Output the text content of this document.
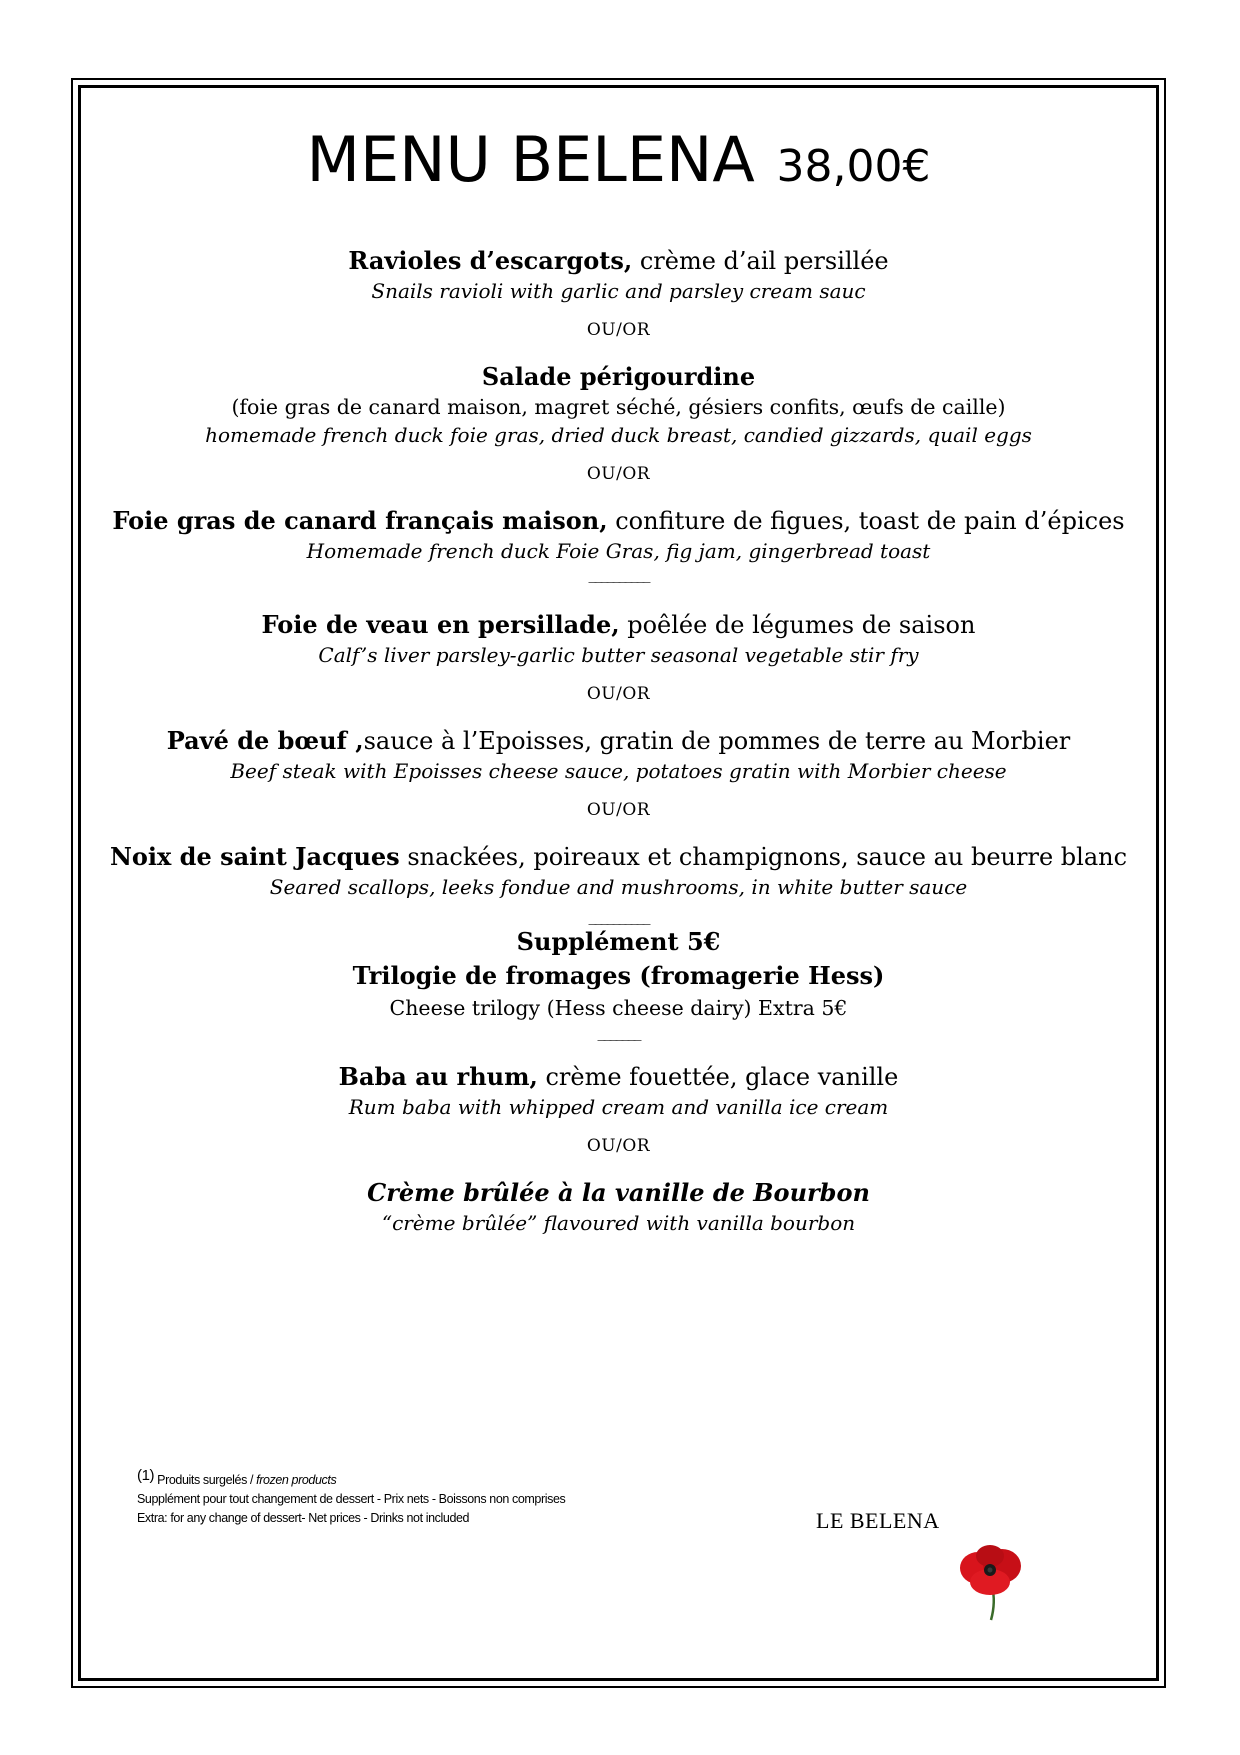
MENU BELENA 38,00€
Ravioles d’escargots, crème d’ail persillée
Snails ravioli with garlic and parsley cream sauc
OU/OR
Salade périgourdine
(foie gras de canard maison, magret séché, gésiers confits, œufs de caille)
homemade french duck foie gras, dried duck breast, candied gizzards, quail eggs
OU/OR
Foie gras de canard français maison, confiture de figues, toast de pain d’épices
Homemade french duck Foie Gras, fig jam, gingerbread toast
__________
Foie de veau en persillade, poêlée de légumes de saison
Calf’s liver parsley-garlic butter seasonal vegetable stir fry
OU/OR
Pavé de bœuf ,sauce à l’Epoisses, gratin de pommes de terre au Morbier
Beef steak with Epoisses cheese sauce, potatoes gratin with Morbier cheese
OU/OR
Noix de saint Jacques snackées, poireaux et champignons, sauce au beurre blanc
Seared scallops, leeks fondue and mushrooms, in white butter sauce
__________
Supplément 5€
Trilogie de fromages (fromagerie Hess)
Cheese trilogy (Hess cheese dairy) Extra 5€
_______
Baba au rhum, crème fouettée, glace vanille
Rum baba with whipped cream and vanilla ice cream
OU/OR
Crème brûlée à la vanille de Bourbon
“crème brûlée” flavoured with vanilla bourbon
$^{(1)}$ Produits surgelés / frozen products
Supplément pour tout changement de dessert - Prix nets - Boissons non comprises
Extra: for any change of dessert- Net prices - Drinks not included	LE BELENA
